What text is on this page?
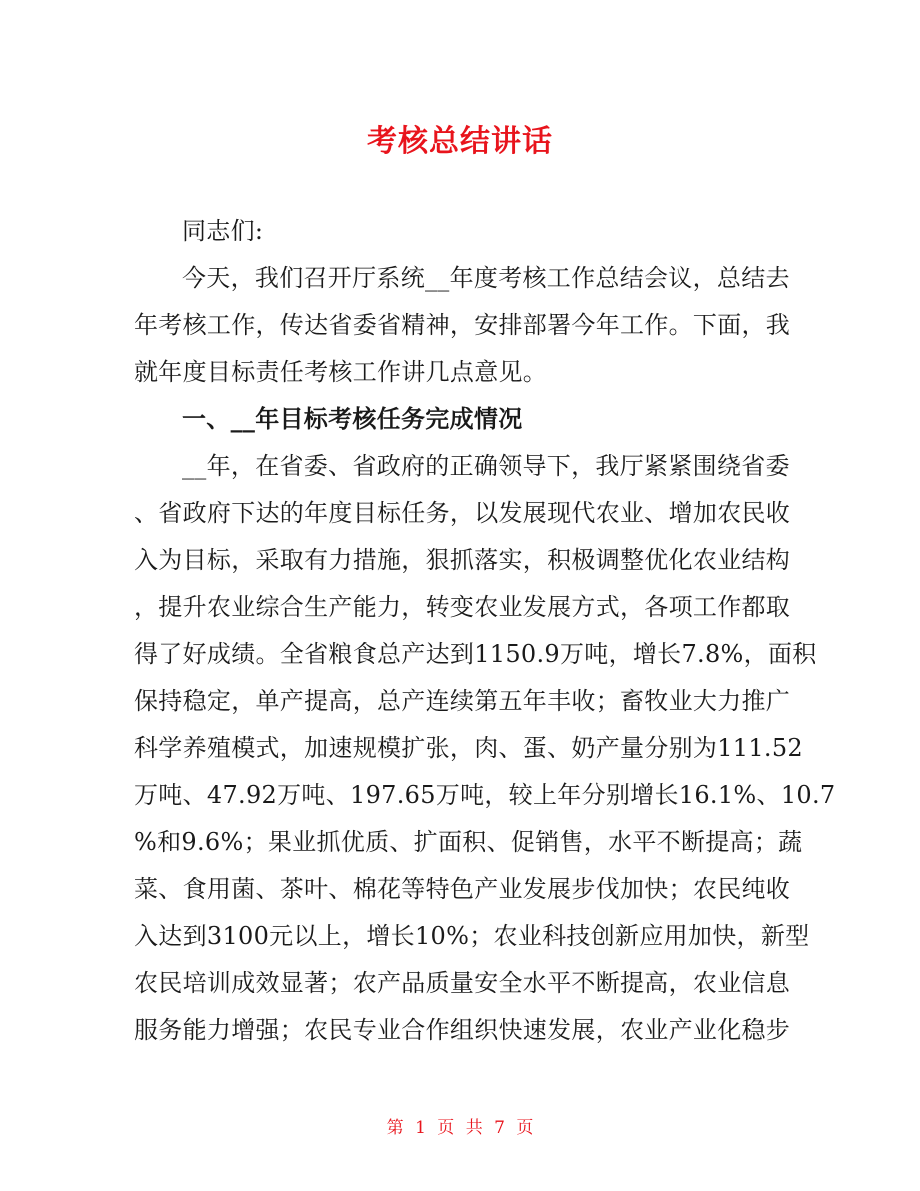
考核总结讲话
同志们:
今天，我们召开厅系统__年度考核工作总结会议，总结去
年考核工作，传达省委省精神，安排部署今年工作。下面，我
就年度目标责任考核工作讲几点意见。
一、__年目标考核任务完成情况
__年，在省委、省政府的正确领导下，我厅紧紧围绕省委
、省政府下达的年度目标任务，以发展现代农业、增加农民收
入为目标，采取有力措施，狠抓落实，积极调整优化农业结构
，提升农业综合生产能力，转变农业发展方式，各项工作都取
得了好成绩。全省粮食总产达到1150.9万吨，增长7.8%，面积
保持稳定，单产提高，总产连续第五年丰收；畜牧业大力推广
科学养殖模式，加速规模扩张，肉、蛋、奶产量分别为111.52
万吨、47.92万吨、197.65万吨，较上年分别增长16.1%、10.7
%和9.6%；果业抓优质、扩面积、促销售，水平不断提高；蔬
菜、食用菌、茶叶、棉花等特色产业发展步伐加快；农民纯收
入达到3100元以上，增长10%；农业科技创新应用加快，新型
农民培训成效显著；农产品质量安全水平不断提高，农业信息
服务能力增强；农民专业合作组织快速发展，农业产业化稳步
第 1 页 共 7 页
